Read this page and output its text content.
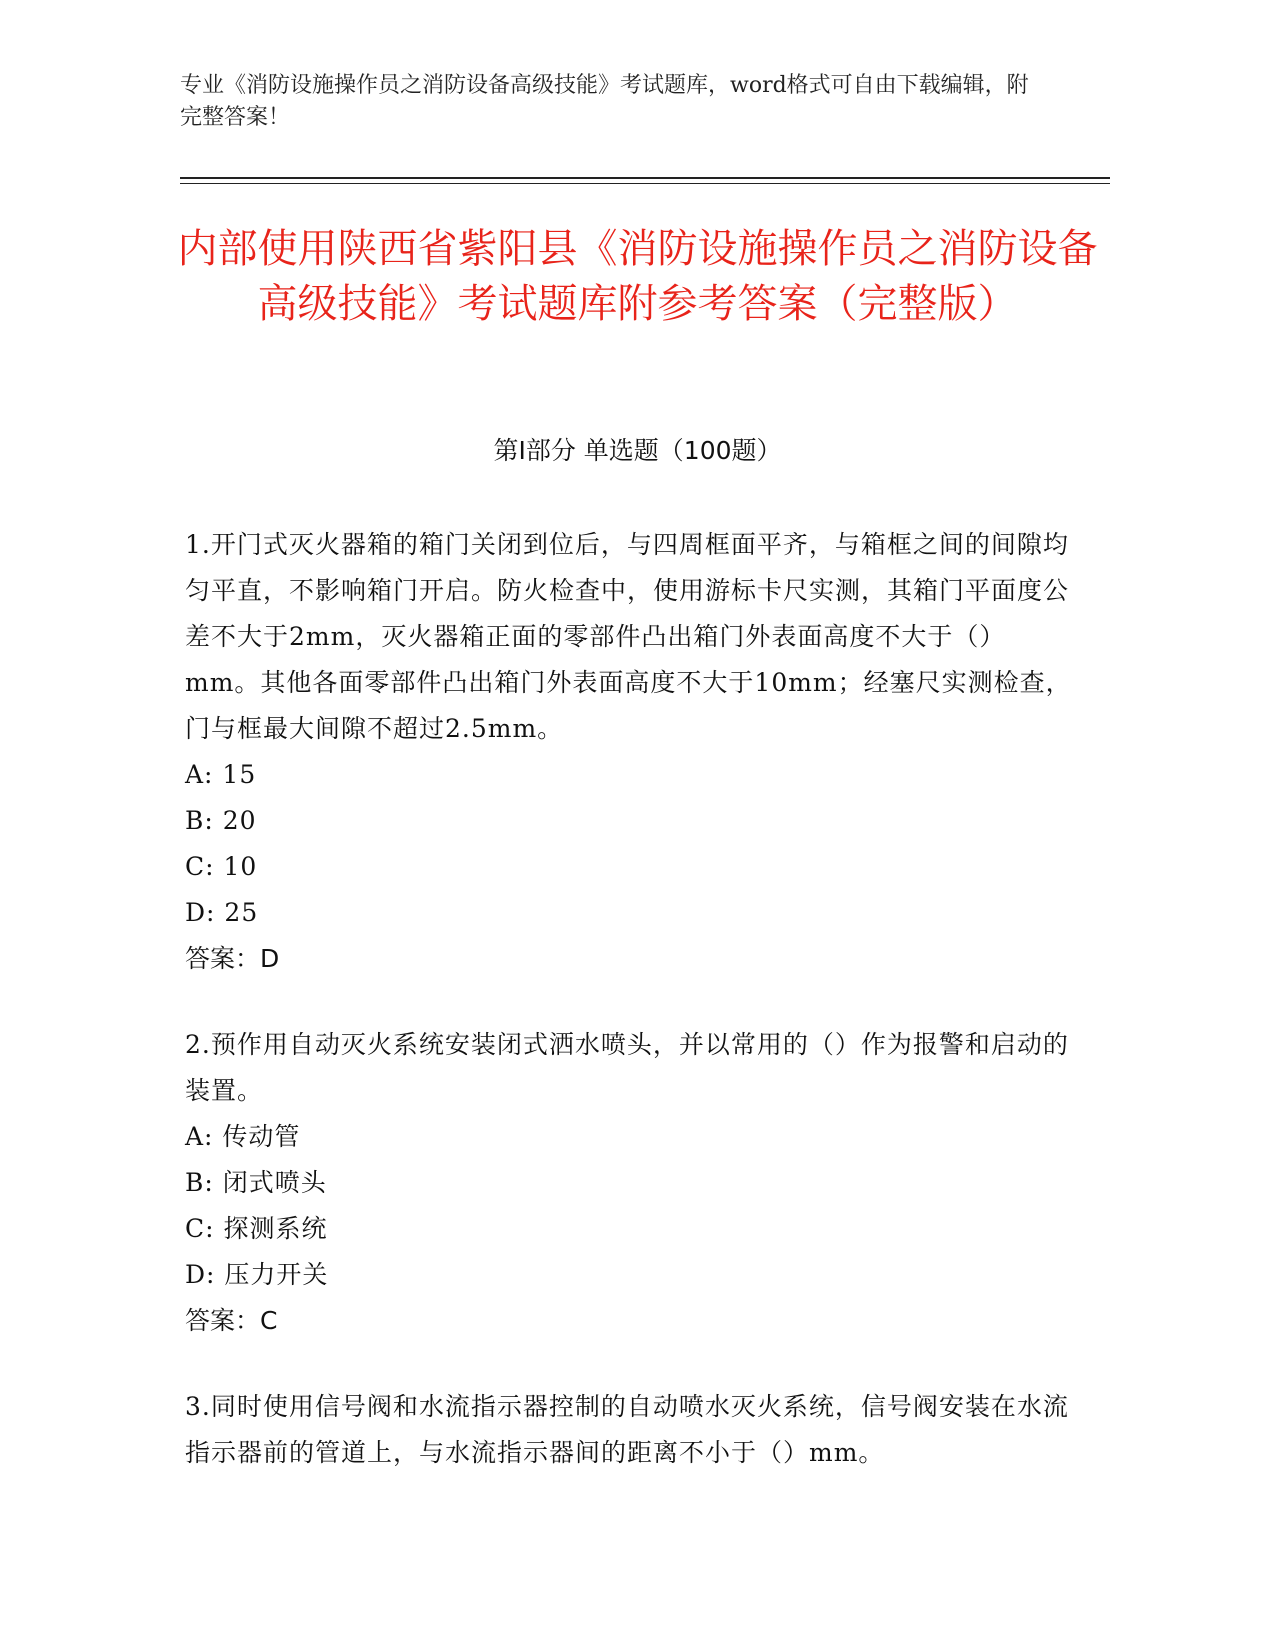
专业《消防设施操作员之消防设备高级技能》考试题库，word格式可自由下载编辑，附完整答案！
内部使用陕西省紫阳县《消防设施操作员之消防设备高级技能》考试题库附参考答案（完整版）
第I部分 单选题（100题）

1.开门式灭火器箱的箱门关闭到位后，与四周框面平齐，与箱框之间的间隙均匀平直，不影响箱门开启。防火检查中，使用游标卡尺实测，其箱门平面度公差不大于2mm，灭火器箱正面的零部件凸出箱门外表面高度不大于（）mm。其他各面零部件凸出箱门外表面高度不大于10mm；经塞尺实测检查，门与框最大间隙不超过2.5mm。

A: 15
B: 20
C: 10
D: 25
答案：D

2.预作用自动灭火系统安装闭式洒水喷头，并以常用的（）作为报警和启动的装置。

A: 传动管
B: 闭式喷头
C: 探测系统
D: 压力开关
答案：C

3.同时使用信号阀和水流指示器控制的自动喷水灭火系统，信号阀安装在水流指示器前的管道上，与水流指示器间的距离不小于（）mm。
